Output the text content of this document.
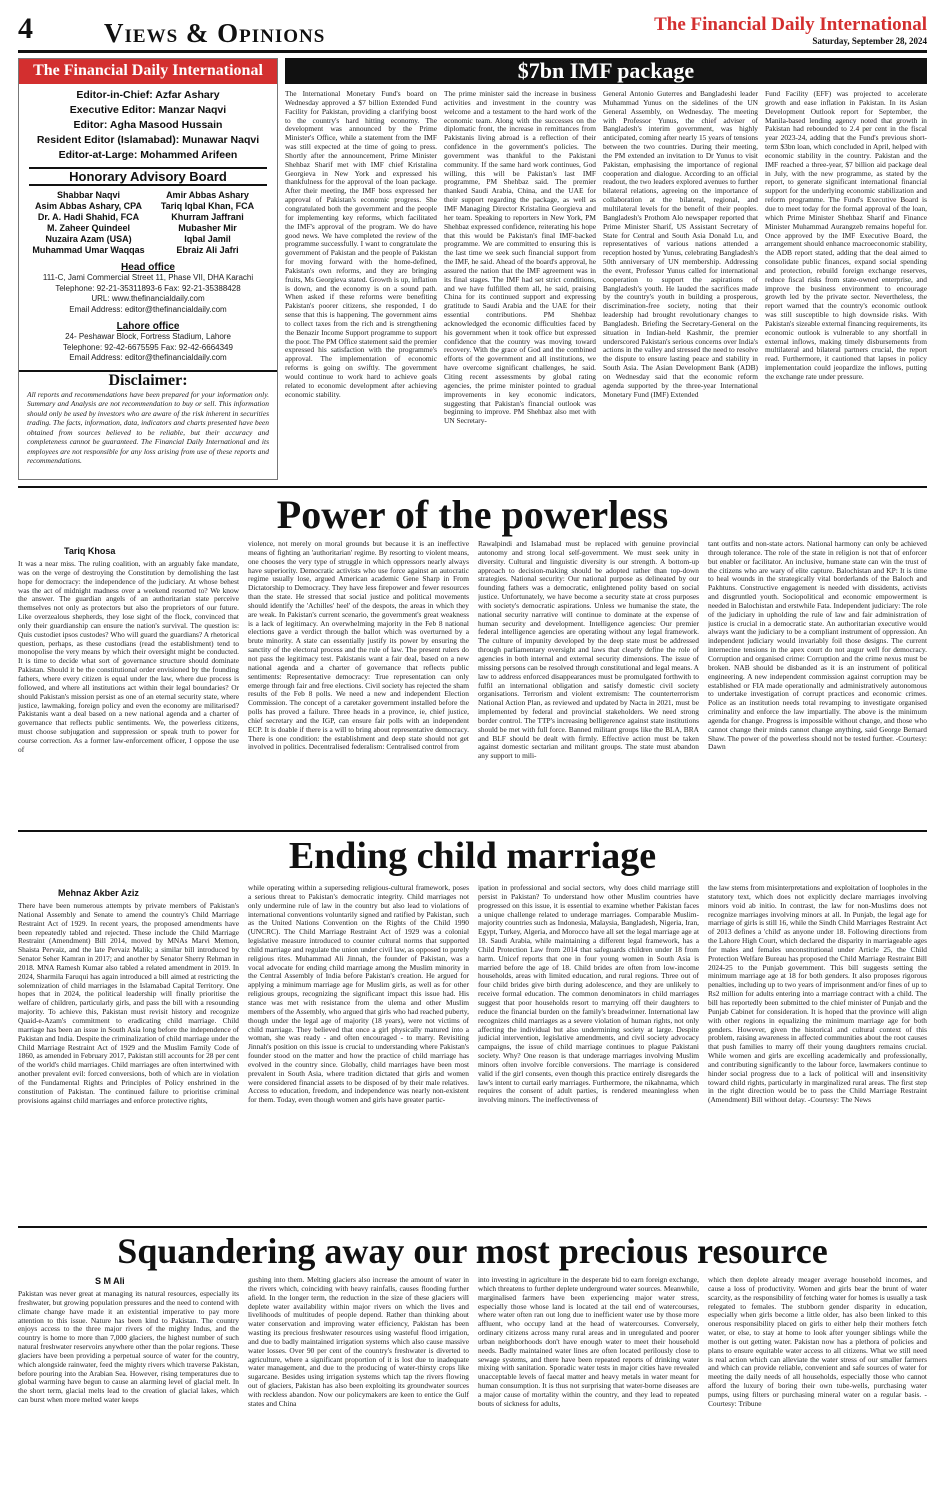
4	Views & Opinions	The Financial Daily International
Saturday, September 28, 2024
The Financial Daily International
Editor-in-Chief: Azfar Ashary
Executive Editor: Manzar Naqvi
Editor: Agha Masood Hussain
Resident Editor (Islamabad): Munawar Naqvi
Editor-at-Large: Mohammed Arifeen
Honorary Advisory Board
Shabbar Naqvi
Asim Abbas Ashary, CPA
Dr. A. Hadi Shahid, FCA
M. Zaheer Quindeel
Nuzaira Azam (USA)
Muhammad Umar Waqqas
Amir Abbas Ashary
Tariq Iqbal Khan, FCA
Khurram Jaffrani
Mubasher Mir
Iqbal Jamil
Ebraiz Ali Jafri
Head office
111-C, Jami Commercial Street 11, Phase VII, DHA Karachi
Telephone: 92-21-35311893-6 Fax: 92-21-35388428
URL: www.thefinancialdaily.com
Email Address: editor@thefinancialdaily.com
Lahore office
24- Peshawar Block, Fortress Stadium, Lahore
Telephone: 92-42-6675595 Fax: 92-42-6664349
Email Address: editor@thefinancialdaily.com
Disclaimer:
All reports and recommendations have been prepared for your information only. Summary and Analysis are not recommendation to buy or sell. This information should only be used by investors who are aware of the risk inherent in securities trading. The facts, information, data, indicators and charts presented have been obtained from sources believed to be reliable, but their accuracy and completeness cannot be guaranteed. The Financial Daily International and its employees are not responsible for any loss arising from use of these reports and recommendations.
$7bn IMF package
The International Monetary Fund's board on Wednesday approved a $7 billion Extended Fund Facility for Pakistan, providing a clarifying boost to the country's hard hitting economy. The development was announced by the Prime Minister's Office, while a statement from the IMF was still expected at the time of going to press. Shortly after the announcement, Prime Minister Shehbaz Sharif met with IMF chief Kristalina Georgieva in New York and expressed his thankfulness for the approval of the loan package. After their meeting, the IMF boss expressed her approval of Pakistan's economic progress. She congratulated both the government and the people for implementing key reforms, which facilitated the IMF's approval of the program. We do have good news. We have completed the review of the programme successfully. I want to congratulate the government of Pakistan and the people of Pakistan for moving forward with the home-defined, Pakistan's own reforms, and they are bringing fruits, Ms Georgieva stated. Growth is up, inflation is down, and the economy is on a sound path. When asked if these reforms were benefiting Pakistan's poorer citizens, she responded, I do sense that this is happening. The government aims to collect taxes from the rich and is strengthening the Benazir Income Support programme to support the poor. The PM Office statement said the premier expressed his satisfaction with the programme's approval. The implementation of economic reforms is going on swiftly. The government would continue to work hard to achieve goals related to economic development after achieving economic stability.
The prime minister said the increase in business activities and investment in the country was welcome and a testament to the hard work of the economic team. Along with the successes on the diplomatic front, the increase in remittances from Pakistanis living abroad is a reflection of their confidence in the government's policies. The government was thankful to the Pakistani community. If the same hard work continues, God willing, this will be Pakistan's last IMF programme, PM Shehbaz said. The premier thanked Saudi Arabia, China, and the UAE for their support regarding the package, as well as IMF Managing Director Kristalina Georgieva and her team. Speaking to reporters in New York, PM Shehbaz expressed confidence, reiterating his hope that this would be Pakistan's final IMF-backed programme. We are committed to ensuring this is the last time we seek such financial support from the IMF, he said. Ahead of the board's approval, he assured the nation that the IMF agreement was in its final stages. The IMF had set strict conditions, and we have fulfilled them all, he said, praising China for its continued support and expressing gratitude to Saudi Arabia and the UAE for their essential contributions. PM Shehbaz acknowledged the economic difficulties faced by his government when it took office but expressed confidence that the country was moving toward recovery. With the grace of God and the combined efforts of the government and all institutions, we have overcome significant challenges, he said. Citing recent assessments by global rating agencies, the prime minister pointed to gradual improvements in key economic indicators, suggesting that Pakistan's financial outlook was beginning to improve. PM Shehbaz also met with UN Secretary-
General Antonio Guterres and Bangladeshi leader Muhammad Yunus on the sidelines of the UN General Assembly, on Wednesday. The meeting with Professor Yunus, the chief adviser of Bangladesh's interim government, was highly anticipated, coming after nearly 15 years of tensions between the two countries. During their meeting, the PM extended an invitation to Dr Yunus to visit Pakistan, emphasising the importance of regional cooperation and dialogue. According to an official readout, the two leaders explored avenues to further bilateral relations, agreeing on the importance of collaboration at the bilateral, regional, and multilateral levels for the benefit of their peoples. Bangladesh's Prothom Alo newspaper reported that Prime Minister Sharif, US Assistant Secretary of State for Central and South Asia Donald Lu, and representatives of various nations attended a reception hosted by Yunus, celebrating Bangladesh's 50th anniversary of UN membership. Addressing the event, Professor Yunus called for international cooperation to support the aspirations of Bangladesh's youth. He lauded the sacrifices made by the country's youth in building a prosperous, discrimination-free society, noting that their leadership had brought revolutionary changes to Bangladesh. Briefing the Secretary-General on the situation in Indian-held Kashmir, the premier underscored Pakistan's serious concerns over India's actions in the valley and stressed the need to resolve the dispute to ensure lasting peace and stability in South Asia. The Asian Development Bank (ADB) on Wednesday said that the economic reform agenda supported by the three-year International Monetary Fund (IMF) Extended
Fund Facility (EFF) was projected to accelerate growth and ease inflation in Pakistan. In its Asian Development Outlook report for September, the Manila-based lending agency noted that growth in Pakistan had rebounded to 2.4 per cent in the fiscal year 2023-24, adding that the Fund's previous short-term $3bn loan, which concluded in April, helped with economic stability in the country. Pakistan and the IMF reached a three-year, $7 billion aid package deal in July, with the new programme, as stated by the report, to generate significant international financial support for the underlying economic stabilization and reform programme. The Fund's Executive Board is due to meet today for the formal approval of the loan, which Prime Minister Shehbaz Sharif and Finance Minister Muhammad Aurangzeb remains hopeful for. Once approved by the IMF Executive Board, the arrangement should enhance macroeconomic stability, the ADB report stated, adding that the deal aimed to consolidate public finances, expand social spending and protection, rebuild foreign exchange reserves, reduce fiscal risks from state-owned enterprise, and improve the business environment to encourage growth led by the private sector. Nevertheless, the report warned that the country's economic outlook was still susceptible to high downside risks. With Pakistan's sizeable external financing requirements, its economic outlook is vulnerable to any shortfall in external inflows, making timely disbursements from multilateral and bilateral partners crucial, the report read. Furthermore, it cautioned that lapses in policy implementation could jeopardize the inflows, putting the exchange rate under pressure.
Power of the powerless
Tariq Khosa
It was a near miss. The ruling coalition, with an arguably fake mandate, was on the verge of destroying the Constitution by demolishing the last hope for democracy: the independence of the judiciary. At whose behest was the act of midnight madness over a weekend resorted to? We know the answer. The guardian angels of an authoritarian state perceive themselves not only as protectors but also the proprietors of our future. Like overzealous shepherds, they lose sight of the flock, convinced that only their guardianship can ensure the nation's survival. The question is: Quis custodiet ipsos custodes? Who will guard the guardians? A rhetorical question, perhaps, as these custodians (read the establishment) tend to monopolise the very means by which their oversight might be conducted. It is time to decide what sort of governance structure should dominate Pakistan. Should it be the constitutional order envisioned by the founding fathers, where every citizen is equal under the law, where due process is followed, and where all institutions act within their legal boundaries? Or should Pakistan's mission persist as one of an eternal security state, where justice, lawmaking, foreign policy and even the economy are militarised? Pakistanis want a deal based on a new national agenda and a charter of governance that reflects public sentiments. We, the powerless citizens, must choose subjugation and suppression or speak truth to power for course correction. As a former law-enforcement officer, I oppose the use of
violence, not merely on moral grounds but because it is an ineffective means of fighting an 'authoritarian' regime. By resorting to violent means, one chooses the very type of struggle in which oppressors nearly always have superiority. Democratic activists who use force against an autocratic regime usually lose, argued American academic Gene Sharp in From Dictatorship to Democracy. They have less firepower and fewer resources than the state. He stressed that social justice and political movements should identify the 'Achilles' heel' of the despots, the areas in which they are weak. In Pakistan's current scenario, the government's great weakness is a lack of legitimacy. An overwhelming majority in the Feb 8 national elections gave a verdict through the ballot which was overturned by a brute minority. A state can essentially justify its power by ensuring the sanctity of the electoral process and the rule of law. The present rulers do not pass the legitimacy test. Pakistanis want a fair deal, based on a new national agenda and a charter of governance that reflects public sentiments: Representative democracy: True representation can only emerge through fair and free elections. Civil society has rejected the sham results of the Feb 8 polls. We need a new and independent Election Commission. The concept of a caretaker government installed before the polls has proved a failure. Three heads in a province, ie, chief justice, chief secretary and the IGP, can ensure fair polls with an independent ECP. It is doable if there is a will to bring about representative democracy. There is one condition: the establishment and deep state should not get involved in politics. Decentralised federalism: Centralised control from
Rawalpindi and Islamabad must be replaced with genuine provincial autonomy and strong local self-government. We must seek unity in diversity. Cultural and linguistic diversity is our strength. A bottom-up approach to decision-making should be adopted rather than top-down strategies. National security: Our national purpose as delineated by our founding fathers was a democratic, enlightened polity based on social justice. Unfortunately, we have become a security state at cross purposes with society's democratic aspirations. Unless we humanise the state, the national security narrative will continue to dominate at the expense of human security and development. Intelligence agencies: Our premier federal intelligence agencies are operating without any legal framework. The culture of impunity developed by the deep state must be addressed through parliamentary oversight and laws that clearly define the role of agencies in both internal and external security dimensions. The issue of missing persons can be resolved through constitutional and legal means. A law to address enforced disappearances must be promulgated forthwith to fulfil an international obligation and satisfy domestic civil society organisations. Terrorism and violent extremism: The counterterrorism National Action Plan, as reviewed and updated by Nacta in 2021, must be implemented by federal and provincial stakeholders. We need strong border control. The TTP's increasing belligerence against state institutions should be met with full force. Banned militant groups like the BLA, BRA and BLF should be dealt with firmly. Effective action must be taken against domestic sectarian and militant groups. The state must abandon any support to mili-
tant outfits and non-state actors. National harmony can only be achieved through tolerance. The role of the state in religion is not that of enforcer but enabler or facilitator. An inclusive, humane state can win the trust of the citizens who are wary of elite capture. Balochistan and KP: It is time to heal wounds in the strategically vital borderlands of the Baloch and Pakhtuns. Constructive engagement is needed with dissidents, activists and disgruntled youth. Sociopolitical and economic empowerment is needed in Balochistan and erstwhile Fata. Independent judiciary: The role of the judiciary in upholding the rule of law and fair administration of justice is crucial in a democratic state. An authoritarian executive would always want the judiciary to be a compliant instrument of oppression. An independent judiciary would invariably foil those designs. The current internecine tensions in the apex court do not augur well for democracy. Corruption and organised crime: Corruption and the crime nexus must be broken. NAB should be disbanded as it is an instrument of political engineering. A new independent commission against corruption may be established or FIA made operationally and administratively autonomous to undertake investigation of corrupt practices and economic crimes. Police as an institution needs total revamping to investigate organised criminality and enforce the law impartially. The above is the minimum agenda for change. Progress is impossible without change, and those who cannot change their minds cannot change anything, said George Bernard Shaw. The power of the powerless should not be tested further. -Courtesy: Dawn
Ending child marriage
Mehnaz Akber Aziz
There have been numerous attempts by private members of Pakistan's National Assembly and Senate to amend the country's Child Marriage Restraint Act of 1929. In recent years, the proposed amendments have been repeatedly tabled and rejected. These include the Child Marriage Restraint (Amendment) Bill 2014, moved by MNAs Marvi Memon, Shaista Pervaiz, and the late Pervaiz Malik; a similar bill introduced by Senator Seher Kamran in 2017; and another by Senator Sherry Rehman in 2018. MNA Ramesh Kumar also tabled a related amendment in 2019. In 2024, Sharmila Faruqui has again introduced a bill aimed at restricting the solemnization of child marriages in the Islamabad Capital Territory. One hopes that in 2024, the political leadership will finally prioritise the welfare of children, particularly girls, and pass the bill with a resounding majority. To achieve this, Pakistan must revisit history and recognize Quaid-e-Azam's commitment to eradicating child marriage. Child marriage has been an issue in South Asia long before the independence of Pakistan and India. Despite the criminalization of child marriage under the Child Marriage Restraint Act of 1929 and the Muslim Family Code of 1860, as amended in February 2017, Pakistan still accounts for 28 per cent of the world's child marriages. Child marriages are often intertwined with another prevalent evil: forced conversions, both of which are in violation of the Fundamental Rights and Principles of Policy enshrined in the constitution of Pakistan. The continued failure to prioritise criminal provisions against child marriages and enforce protective rights,
while operating within a superseding religious-cultural framework, poses a serious threat to Pakistan's democratic integrity. Child marriages not only undermine rule of law in the country but also lead to violations of international conventions voluntarily signed and ratified by Pakistan, such as the United Nations Convention on the Rights of the Child 1990 (UNCRC). The Child Marriage Restraint Act of 1929 was a colonial legislative measure introduced to counter cultural norms that supported child marriage and regulate the union under civil law, as opposed to purely religious rites. Muhammad Ali Jinnah, the founder of Pakistan, was a vocal advocate for ending child marriage among the Muslim minority in the Central Assembly of India before Pakistan's creation. He argued for applying a minimum marriage age for Muslim girls, as well as for other religious groups, recognizing the significant impact this issue had. His stance was met with resistance from the ulema and other Muslim members of the Assembly, who argued that girls who had reached puberty, though under the legal age of majority (18 years), were not victims of child marriage. They believed that once a girl physically matured into a woman, she was ready - and often encouraged - to marry. Revisiting Jinnah's position on this issue is crucial to understanding where Pakistan's founder stood on the matter and how the practice of child marriage has evolved in the country since. Globally, child marriages have been most prevalent in South Asia, where tradition dictated that girls and women were considered financial assets to be disposed of by their male relatives. Access to education, freedom, and independence was nearly non-existent for them. Today, even though women and girls have greater partic-
ipation in professional and social sectors, why does child marriage still persist in Pakistan? To understand how other Muslim countries have progressed on this issue, it is essential to examine whether Pakistan faces a unique challenge related to underage marriages. Comparable Muslim-majority countries such as Indonesia, Malaysia, Bangladesh, Nigeria, Iran, Egypt, Turkey, Algeria, and Morocco have all set the legal marriage age at 18. Saudi Arabia, while maintaining a different legal framework, has a Child Protection Law from 2014 that safeguards children under 18 from harm. Unicef reports that one in four young women in South Asia is married before the age of 18. Child brides are often from low-income households, areas with limited education, and rural regions. Three out of four child brides give birth during adolescence, and they are unlikely to receive formal education. The common denominators in child marriages suggest that poor households resort to marrying off their daughters to reduce the financial burden on the family's breadwinner. International law recognizes child marriages as a severe violation of human rights, not only affecting the individual but also undermining society at large. Despite judicial intervention, legislative amendments, and civil society advocacy campaigns, the issue of child marriage continues to plague Pakistani society. Why? One reason is that underage marriages involving Muslim minors often involve forcible conversions. The marriage is considered valid if the girl consents, even though this practice entirely disregards the law's intent to curtail early marriages. Furthermore, the nikahnama, which requires the consent of adult parties, is rendered meaningless when involving minors. The ineffectiveness of
the law stems from misinterpretations and exploitation of loopholes in the statutory text, which does not explicitly declare marriages involving minors void ab initio. In contrast, the law for non-Muslims does not recognize marriages involving minors at all. In Punjab, the legal age for marriage of girls is still 16, while the Sindh Child Marriages Restraint Act of 2013 defines a 'child' as anyone under 18. Following directions from the Lahore High Court, which declared the disparity in marriageable ages for males and females unconstitutional under Article 25, the Child Protection Welfare Bureau has proposed the Child Marriage Restraint Bill 2024-25 to the Punjab government. This bill suggests setting the minimum marriage age at 18 for both genders. It also proposes rigorous penalties, including up to two years of imprisonment and/or fines of up to Rs2 million for adults entering into a marriage contract with a child. The bill has reportedly been submitted to the chief minister of Punjab and the Punjab Cabinet for consideration. It is hoped that the province will align with other regions in equalizing the minimum marriage age for both genders. However, given the historical and cultural context of this problem, raising awareness in affected communities about the root causes that push families to marry off their young daughters remains crucial. While women and girls are excelling academically and professionally, and contributing significantly to the labour force, lawmakers continue to hinder social progress due to a lack of political will and insensitivity toward child rights, particularly in marginalized rural areas. The first step in the right direction would be to pass the Child Marriage Restraint (Amendment) Bill without delay. -Courtesy: The News
Squandering away our most precious resource
S M Ali
Pakistan was never great at managing its natural resources, especially its freshwater, but growing population pressures and the need to contend with climate change have made it an existential imperative to pay more attention to this issue. Nature has been kind to Pakistan. The country enjoys access to the three major rivers of the mighty Indus, and the country is home to more than 7,000 glaciers, the highest number of such natural freshwater reservoirs anywhere other than the polar regions. These glaciers have been providing a perpetual source of water for the country, which alongside rainwater, feed the mighty rivers which traverse Pakistan, before pouring into the Arabian Sea. However, rising temperatures due to global warming have begun to cause an alarming level of glacial melt. In the short term, glacial melts lead to the creation of glacial lakes, which can burst when more melted water keeps
gushing into them. Melting glaciers also increase the amount of water in the rivers which, coinciding with heavy rainfalls, causes flooding further afield. In the longer term, the reduction in the size of these glaciers will deplete water availability within major rivers on which the lives and livelihoods of multitudes of people depend. Rather than thinking about water conservation and improving water efficiency, Pakistan has been wasting its precious freshwater resources using wasteful flood irrigation, and due to badly maintained irrigation systems which also cause massive water losses. Over 90 per cent of the country's freshwater is diverted to agriculture, where a significant proportion of it is lost due to inadequate water management, and due to the producing of water-thirsty crops like sugarcane. Besides using irrigation systems which tap the rivers flowing out of glaciers, Pakistan has also been exploiting its groundwater sources with reckless abandon. Now our policymakers are keen to entice the Gulf states and China
into investing in agriculture in the desperate bid to earn foreign exchange, which threatens to further deplete underground water sources. Meanwhile, marginalised farmers have been experiencing major water stress, especially those whose land is located at the tail end of watercourses, where water often ran out long due to inefficient water use by those more affluent, who occupy land at the head of watercourses. Conversely, ordinary citizens across many rural areas and in unregulated and poorer urban neighborhoods don't have enough water to meet their household needs. Badly maintained water lines are often located perilously close to sewage systems, and there have been repeated reports of drinking water mixing with sanitation. Sporadic water tests in major cities have revealed unacceptable levels of faecal matter and heavy metals in water meant for human consumption. It is thus not surprising that water-borne diseases are a major cause of mortality within the country, and they lead to repeated bouts of sickness for adults,
which then deplete already meager average household incomes, and cause a loss of productivity. Women and girls bear the brunt of water scarcity, as the responsibility of fetching water for homes is usually a task relegated to females. The stubborn gender disparity in education, especially when girls become a little older, has also been linked to this onerous responsibility placed on girls to either help their mothers fetch water, or else, to stay at home to look after younger siblings while the mother is out getting water. Pakistan now has a plethora of policies and plans to ensure equitable water access to all citizens. What we still need is real action which can alleviate the water stress of our smaller farmers and which can provide reliable, convenient and safe sources of water for meeting the daily needs of all households, especially those who cannot afford the luxury of boring their own tube-wells, purchasing water pumps, using filters or purchasing mineral water on a regular basis. -Courtesy: Tribune
